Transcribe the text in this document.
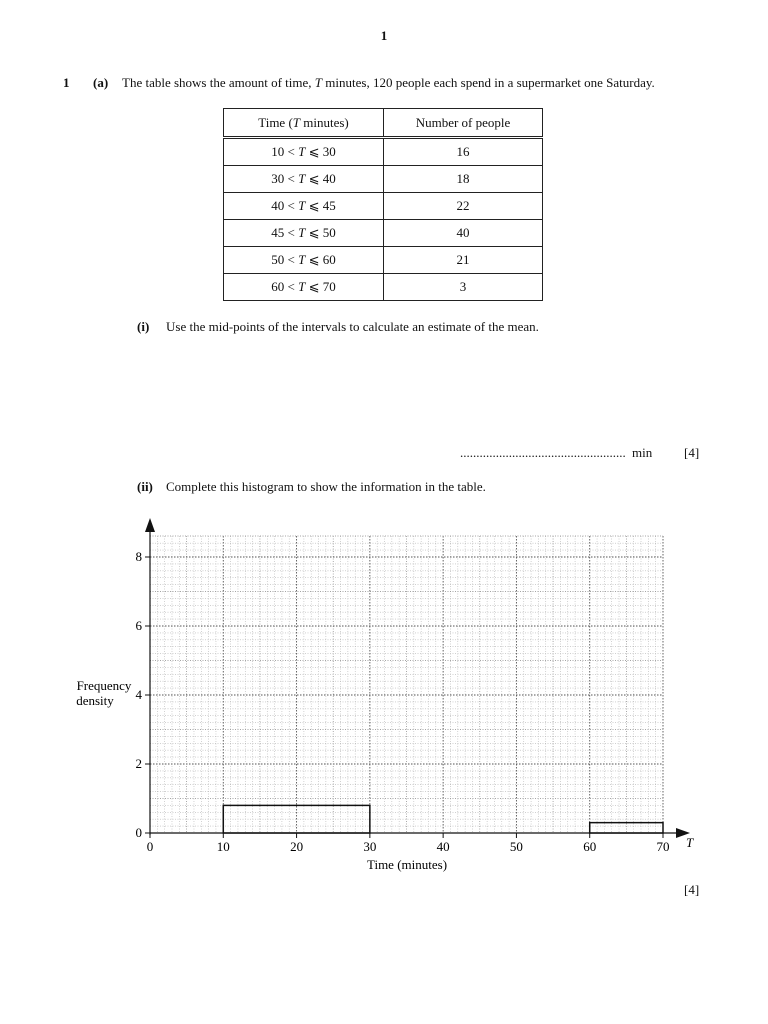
1
1 (a) The table shows the amount of time, T minutes, 120 people each spend in a supermarket one Saturday.
Time (T minutes)	Number of people
10 < T ⩽ 30	16
30 < T ⩽ 40	18
40 < T ⩽ 45	22
45 < T ⩽ 50	40
50 < T ⩽ 60	21
60 < T ⩽ 70	3
(i) Use the mid-points of the intervals to calculate an estimate of the mean.
................................................... min [4]
(ii) Complete this histogram to show the information in the table.
0	10	20	30	40	50	60	70
0
2
4
6
8
Time (minutes)
T
Frequency
density
[4]
